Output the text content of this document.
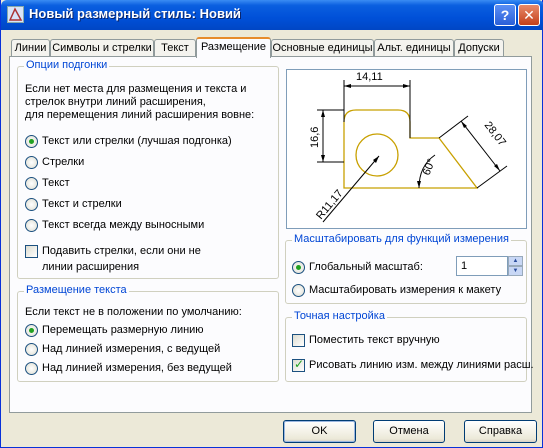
Новый размерный стиль: Новий	? ✕
Линии Символы и стрелки Текст	Размещение Основные единицы Альт. единицы Допуски
Опции подгонки
Если нет места для размещения и текста и
стрелок внутри линий расширения,
для перемещения линий расширения вовне:
Текст или стрелки (лучшая подгонка)
Стрелки
Текст
Текст и стрелки
Текст всегда между выносными
Подавить стрелки, если они не
линии расширения
Размещение текста
Если текст не в положении по умолчанию:
Перемещать размерную линию
Над линией измерения, с ведущей
Над линией измерения, без ведущей
14,11
16,6	28,07
60°
R11,17
Масштабировать для функций измерения
Глобальный масштаб:	1	▲
▼
Масштабировать измерения к макету
Точная настройка
Поместить текст вручную
✓
Рисовать линию изм. между линиями расш.
OK	Отмена	Справка
